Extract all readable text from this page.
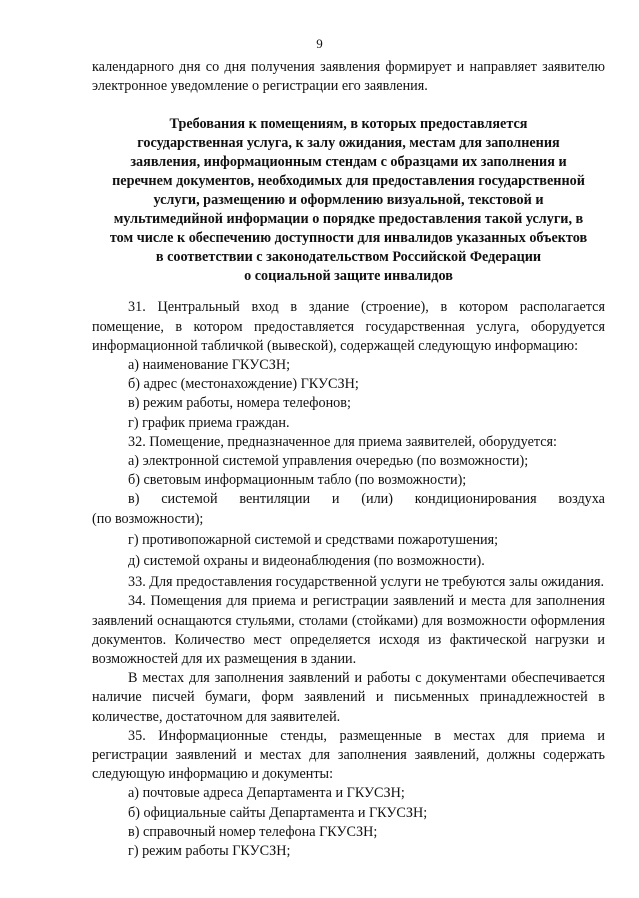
9

календарного дня со дня получения заявления формирует и направляет заявителю электронное уведомление о регистрации его заявления.

Требования к помещениям, в которых предоставляется
государственная услуга, к залу ожидания, местам для заполнения
заявления, информационным стендам с образцами их заполнения и
перечнем документов, необходимых для предоставления государственной
услуги, размещению и оформлению визуальной, текстовой и
мультимедийной информации о порядке предоставления такой услуги, в
том числе к обеспечению доступности для инвалидов указанных объектов
в соответствии с законодательством Российской Федерации
о социальной защите инвалидов

31. Центральный вход в здание (строение), в котором располагается помещение, в котором предоставляется государственная услуга, оборудуется информационной табличкой (вывеской), содержащей следующую информацию:

а) наименование ГКУСЗН;

б) адрес (местонахождение) ГКУСЗН;

в) режим работы, номера телефонов;

г) график приема граждан.

32. Помещение, предназначенное для приема заявителей, оборудуется:

а) электронной системой управления очередью (по возможности);

б) световым информационным табло (по возможности);

в) системой вентиляции и (или) кондиционирования воздуха

(по возможности);

г) противопожарной системой и средствами пожаротушения;

д) системой охраны и видеонаблюдения (по возможности).

33. Для предоставления государственной услуги не требуются залы ожидания.

34. Помещения для приема и регистрации заявлений и места для заполнения заявлений оснащаются стульями, столами (стойками) для возможности оформления документов. Количество мест определяется исходя из фактической нагрузки и возможностей для их размещения в здании.

В местах для заполнения заявлений и работы с документами обеспечивается наличие писчей бумаги, форм заявлений и письменных принадлежностей в количестве, достаточном для заявителей.

35. Информационные стенды, размещенные в местах для приема и регистрации заявлений и местах для заполнения заявлений, должны содержать следующую информацию и документы:

а) почтовые адреса Департамента и ГКУСЗН;

б) официальные сайты Департамента и ГКУСЗН;

в) справочный номер телефона ГКУСЗН;

г) режим работы ГКУСЗН;
